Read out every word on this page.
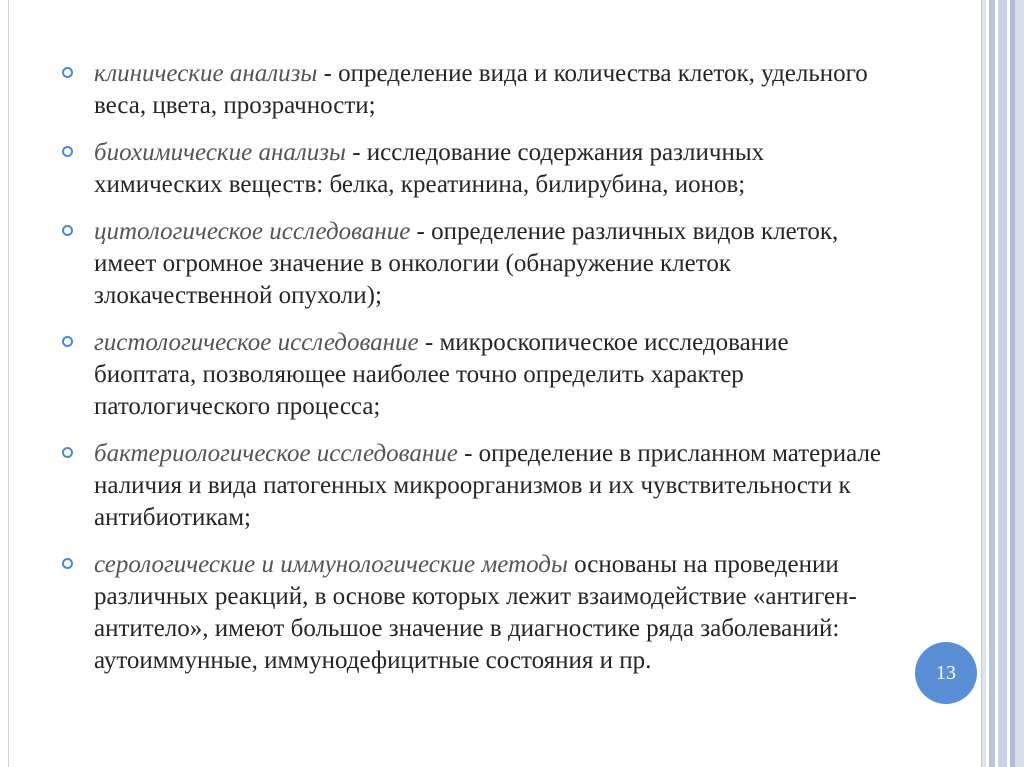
клинические анализы - определение вида и количества клеток, удельного веса, цвета, прозрачности;
биохимические анализы - исследование содержания различных химических веществ: белка, креатинина, билирубина, ионов;
цитологическое исследование - определение различных видов клеток, имеет огромное значение в онкологии (обнаружение клеток злокачественной опухоли);
гистологическое исследование - микроскопическое исследование биоптата, позволяющее наиболее точно определить характер патологического процесса;
бактериологическое исследование - определение в присланном материале наличия и вида патогенных микроорганизмов и их чувствительности к антибиотикам;
серологические и иммунологические методы основаны на проведении различных реакций, в основе которых лежит взаимодействие «антиген-антитело», имеют большое значение в диагностике ряда заболеваний: аутоиммунные, иммунодефицитные состояния и пр.	13
